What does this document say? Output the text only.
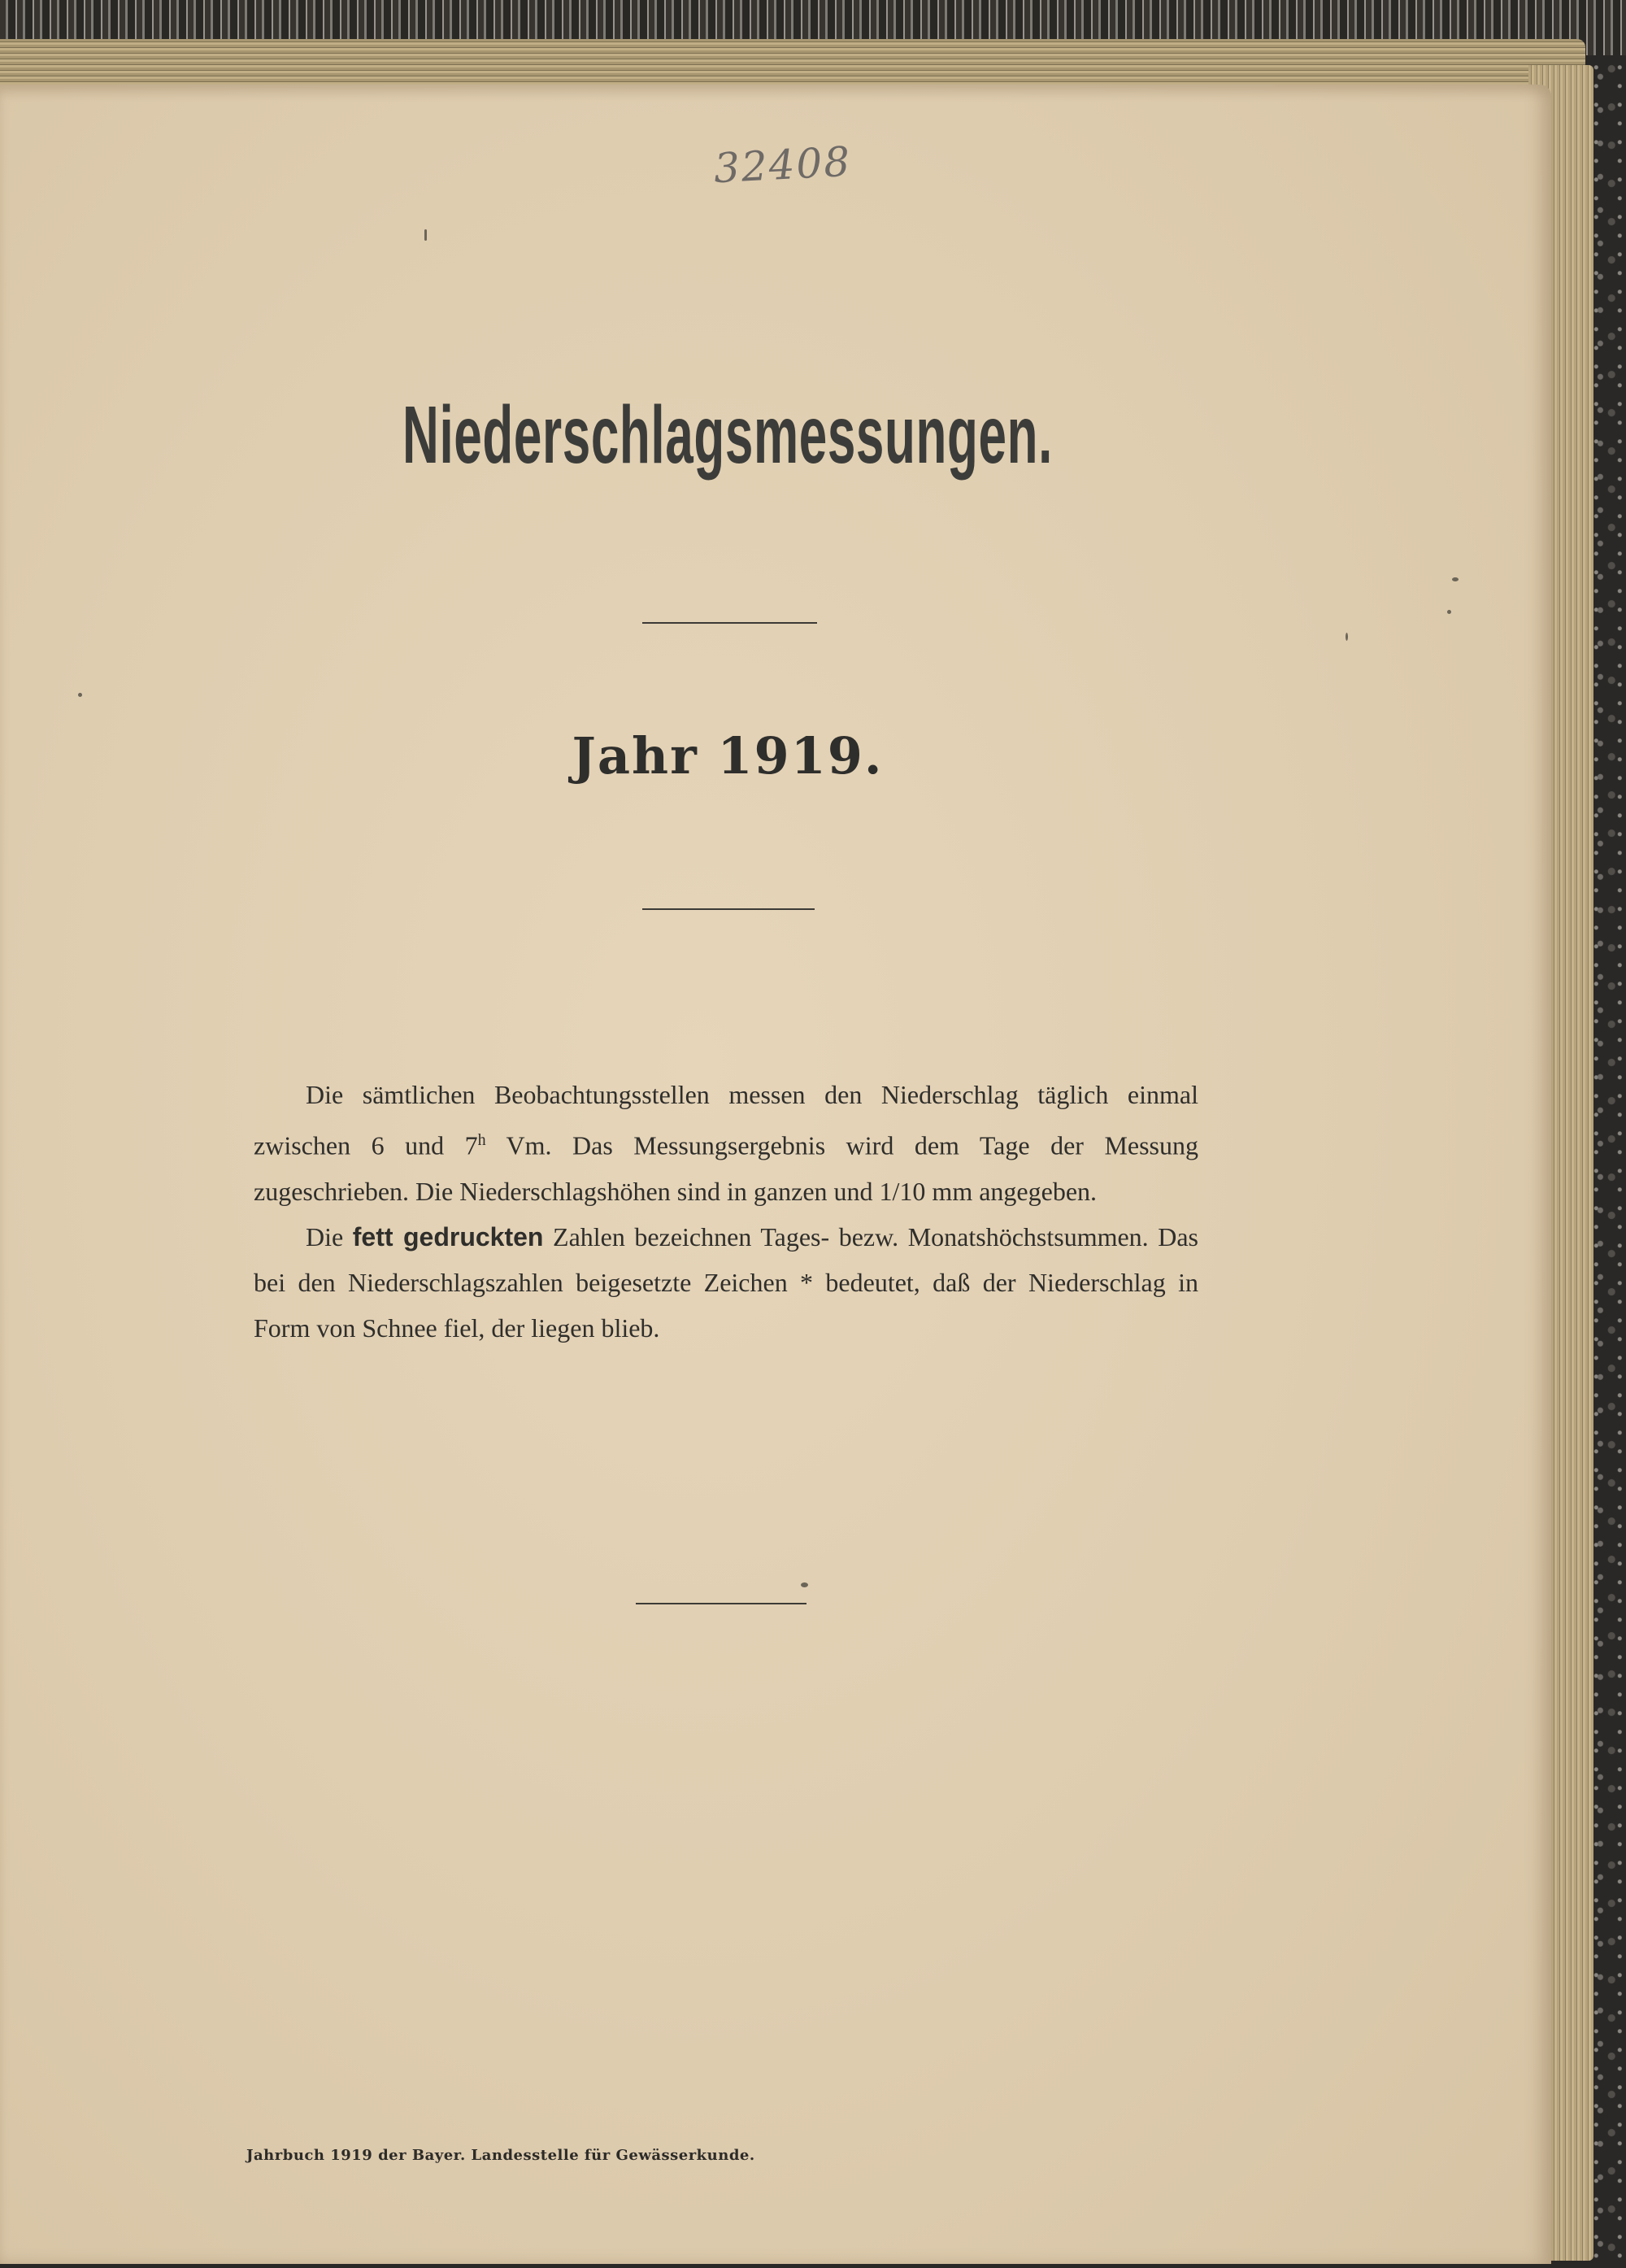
32408
Niederschlagsmessungen.
Jahr 1919.

Die sämtlichen Beobachtungsstellen messen den Niederschlag täglich einmal zwischen 6 und 7$^h$ Vm. Das Messungsergebnis wird dem Tage der Messung zugeschrieben. Die Niederschlagshöhen sind in ganzen und 1/10 mm angegeben.

Die fett gedruckten Zahlen bezeichnen Tages- bezw. Monatshöchstsummen. Das bei den Niederschlagszahlen beigesetzte Zeichen * bedeutet, daß der Niederschlag in Form von Schnee fiel, der liegen blieb.

Jahrbuch 1919 der Bayer. Landesstelle für Gewässerkunde.
